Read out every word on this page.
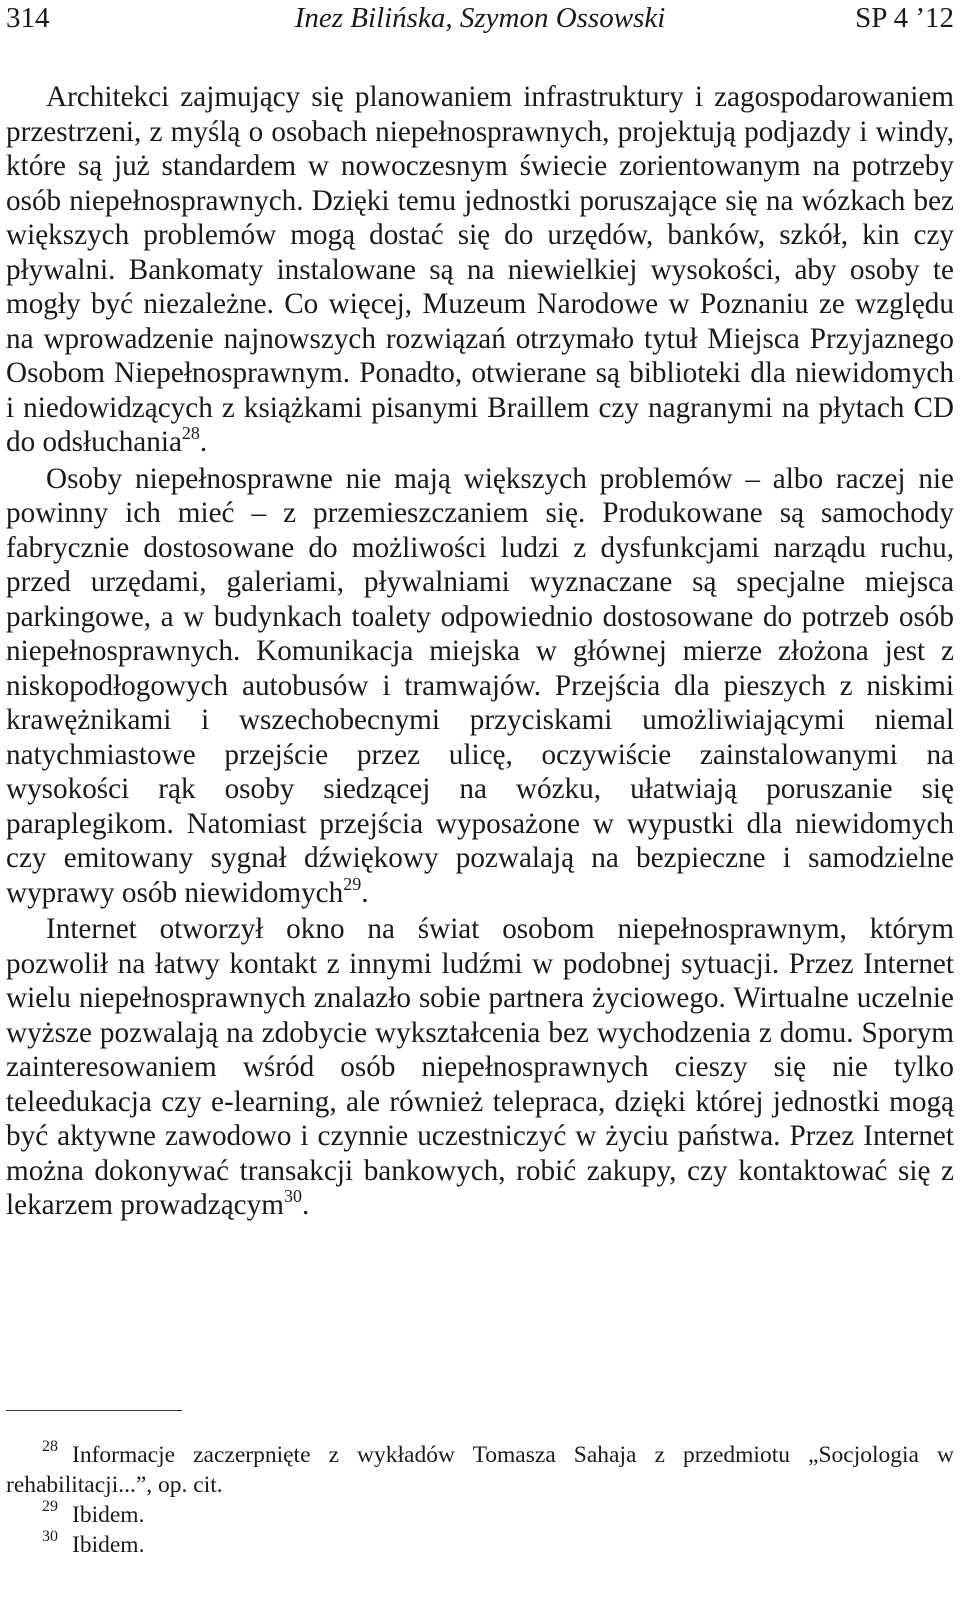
314	Inez Bilińska, Szymon Ossowski	SP 4 ’12

Architekci zajmujący się planowaniem infrastruktury i zagospodarowaniem przestrzeni, z myślą o osobach niepełnosprawnych, projektują podjazdy i windy, które są już standardem w nowoczesnym świecie zorientowanym na potrzeby osób niepełnosprawnych. Dzięki temu jednostki poruszające się na wózkach bez większych problemów mogą dostać się do urzędów, banków, szkół, kin czy pływalni. Bankomaty instalowane są na niewielkiej wysokości, aby osoby te mogły być niezależne. Co więcej, Muzeum Narodowe w Poznaniu ze względu na wprowadzenie najnowszych rozwiązań otrzymało tytuł Miejsca Przyjaznego Osobom Niepełnosprawnym. Ponadto, otwierane są biblioteki dla niewidomych i niedowidzących z książkami pisanymi Braillem czy nagranymi na płytach CD do odsłuchania$^{28}$.

Osoby niepełnosprawne nie mają większych problemów – albo raczej nie powinny ich mieć – z przemieszczaniem się. Produkowane są samochody fabrycznie dostosowane do możliwości ludzi z dysfunkcjami narządu ruchu, przed urzędami, galeriami, pływalniami wyznaczane są specjalne miejsca parkingowe, a w budynkach toalety odpowiednio dostosowane do potrzeb osób niepełnosprawnych. Komunikacja miejska w głównej mierze złożona jest z niskopodłogowych autobusów i tramwajów. Przejścia dla pieszych z niskimi krawężnikami i wszechobecnymi przyciskami umożliwiającymi niemal natychmiastowe przejście przez ulicę, oczywiście zainstalowanymi na wysokości rąk osoby siedzącej na wózku, ułatwiają poruszanie się paraplegikom. Natomiast przejścia wyposażone w wypustki dla niewidomych czy emitowany sygnał dźwiękowy pozwalają na bezpieczne i samodzielne wyprawy osób niewidomych$^{29}$.

Internet otworzył okno na świat osobom niepełnosprawnym, którym pozwolił na łatwy kontakt z innymi ludźmi w podobnej sytuacji. Przez Internet wielu niepełnosprawnych znalazło sobie partnera życiowego. Wirtualne uczelnie wyższe pozwalają na zdobycie wykształcenia bez wychodzenia z domu. Sporym zainteresowaniem wśród osób niepełnosprawnych cieszy się nie tylko teleedukacja czy e-learning, ale również telepraca, dzięki której jednostki mogą być aktywne zawodowo i czynnie uczestniczyć w życiu państwa. Przez Internet można dokonywać transakcji bankowych, robić zakupy, czy kontaktować się z lekarzem prowadzącym$^{30}$.

$^{28}$ Informacje zaczerpnięte z wykładów Tomasza Sahaja z przedmiotu „Socjologia w rehabilitacji...”, op. cit.

$^{29}$ Ibidem.

$^{30}$ Ibidem.
